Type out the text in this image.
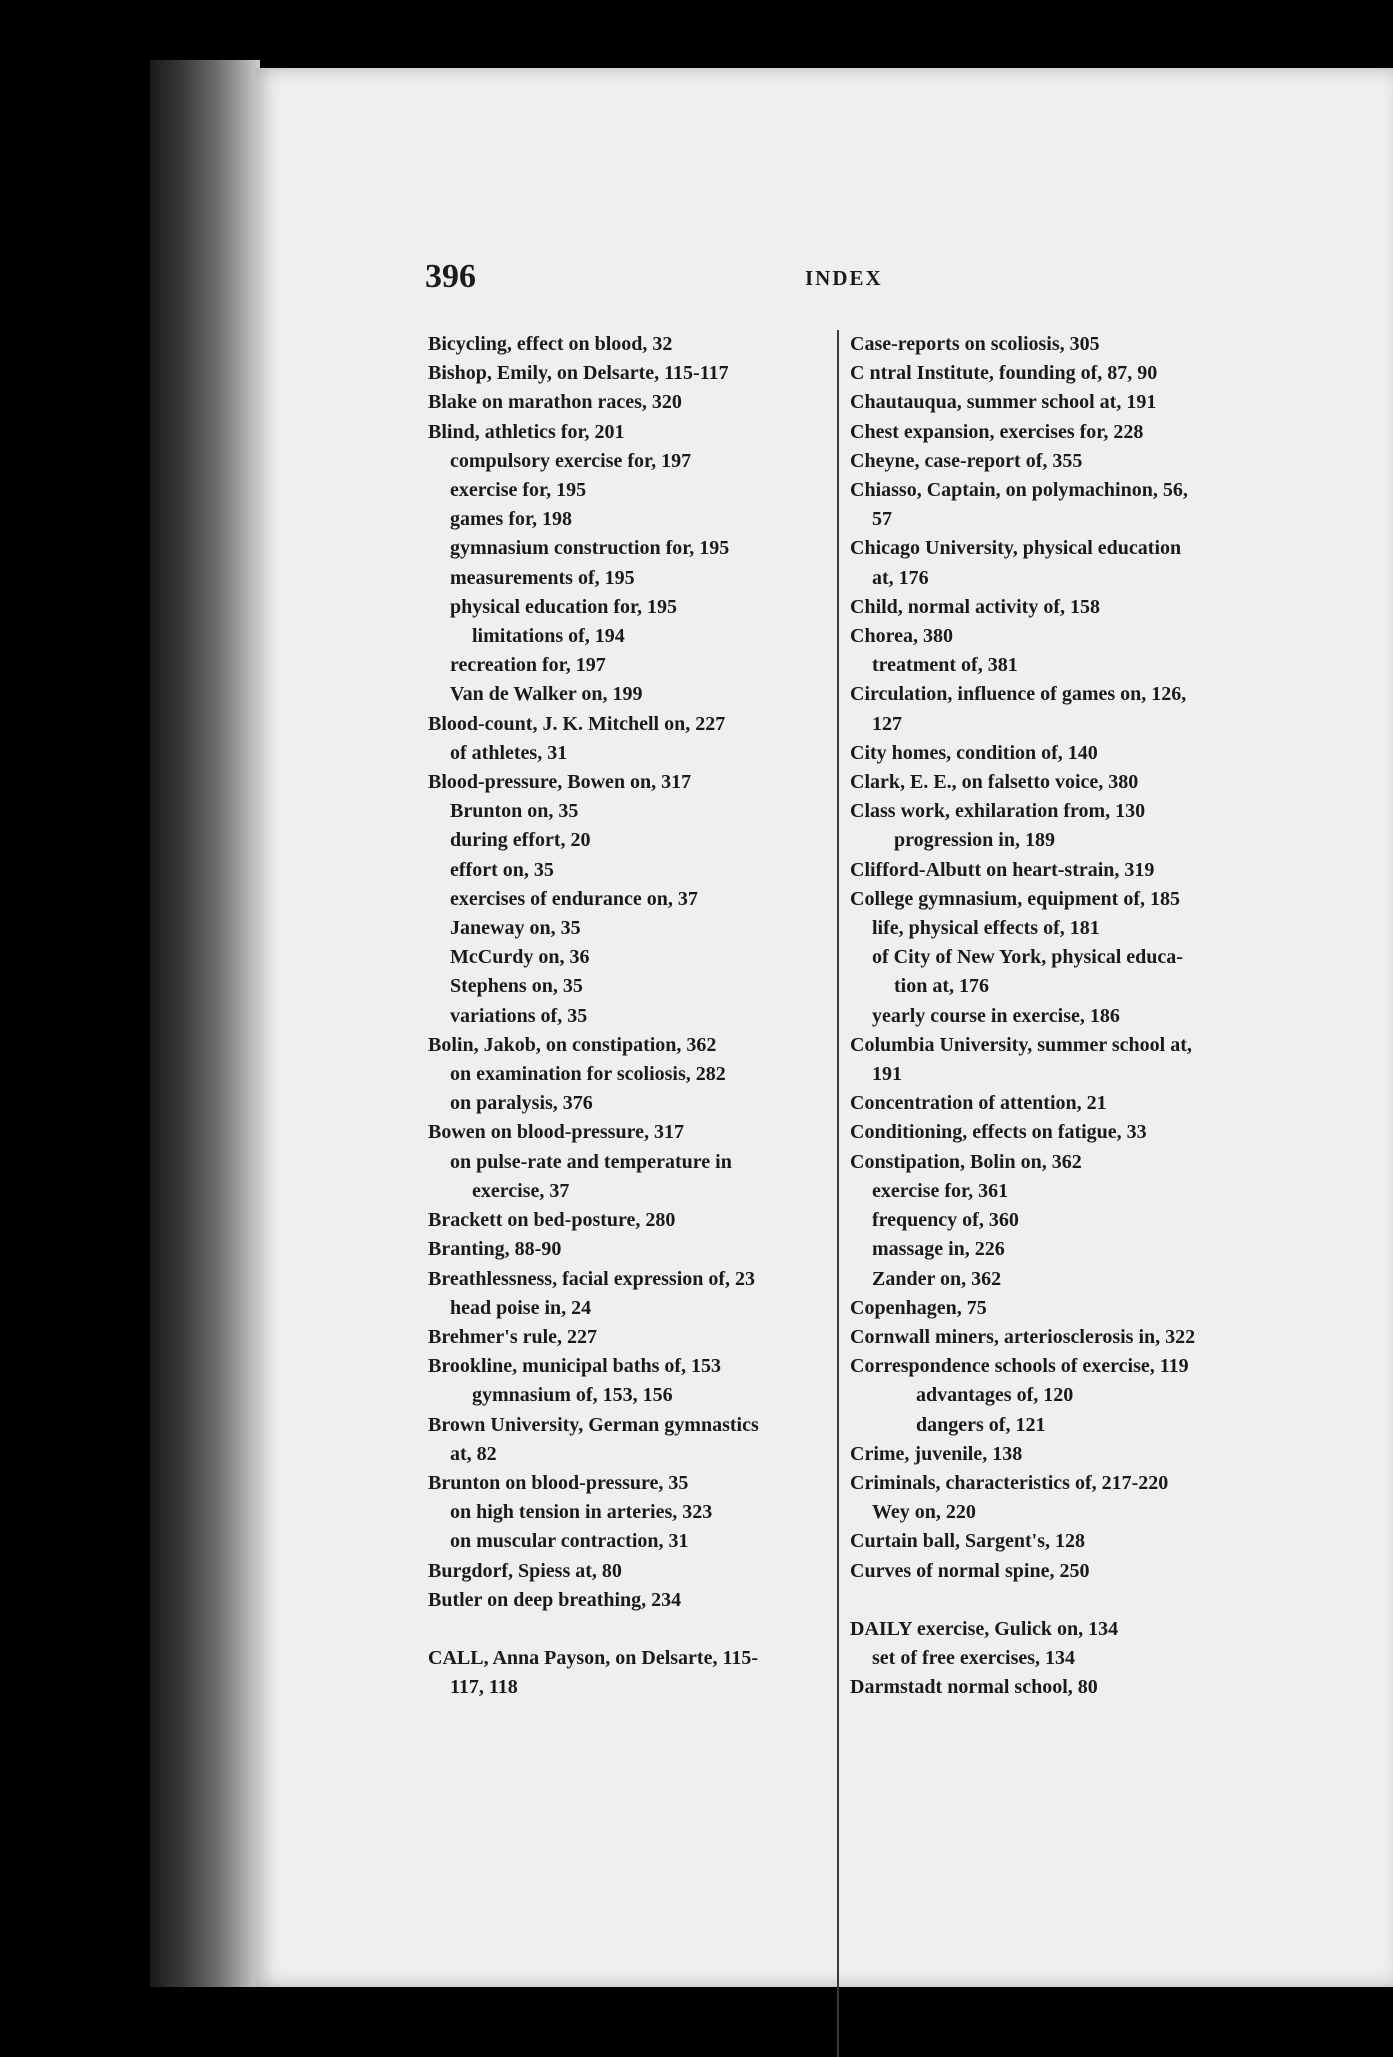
396	INDEX
Bicycling, effect on blood, 32
Bishop, Emily, on Delsarte, 115-117
Blake on marathon races, 320
Blind, athletics for, 201
compulsory exercise for, 197
exercise for, 195
games for, 198
gymnasium construction for, 195
measurements of, 195
physical education for, 195
limitations of, 194
recreation for, 197
Van de Walker on, 199
Blood-count, J. K. Mitchell on, 227
of athletes, 31
Blood-pressure, Bowen on, 317
Brunton on, 35
during effort, 20
effort on, 35
exercises of endurance on, 37
Janeway on, 35
McCurdy on, 36
Stephens on, 35
variations of, 35
Bolin, Jakob, on constipation, 362
on examination for scoliosis, 282
on paralysis, 376
Bowen on blood-pressure, 317
on pulse-rate and temperature in
exercise, 37
Brackett on bed-posture, 280
Branting, 88-90
Breathlessness, facial expression of, 23
head poise in, 24
Brehmer's rule, 227
Brookline, municipal baths of, 153
gymnasium of, 153, 156
Brown University, German gymnastics
at, 82
Brunton on blood-pressure, 35
on high tension in arteries, 323
on muscular contraction, 31
Burgdorf, Spiess at, 80
Butler on deep breathing, 234
CALL, Anna Payson, on Delsarte, 115-
117, 118
Case-reports on scoliosis, 305
C ntral Institute, founding of, 87, 90
Chautauqua, summer school at, 191
Chest expansion, exercises for, 228
Cheyne, case-report of, 355
Chiasso, Captain, on polymachinon, 56,
57
Chicago University, physical education
at, 176
Child, normal activity of, 158
Chorea, 380
treatment of, 381
Circulation, influence of games on, 126,
127
City homes, condition of, 140
Clark, E. E., on falsetto voice, 380
Class work, exhilaration from, 130
progression in, 189
Clifford-Albutt on heart-strain, 319
College gymnasium, equipment of, 185
life, physical effects of, 181
of City of New York, physical educa-
tion at, 176
yearly course in exercise, 186
Columbia University, summer school at,
191
Concentration of attention, 21
Conditioning, effects on fatigue, 33
Constipation, Bolin on, 362
exercise for, 361
frequency of, 360
massage in, 226
Zander on, 362
Copenhagen, 75
Cornwall miners, arteriosclerosis in, 322
Correspondence schools of exercise, 119
advantages of, 120
dangers of, 121
Crime, juvenile, 138
Criminals, characteristics of, 217-220
Wey on, 220
Curtain ball, Sargent's, 128
Curves of normal spine, 250
DAILY exercise, Gulick on, 134
set of free exercises, 134
Darmstadt normal school, 80
